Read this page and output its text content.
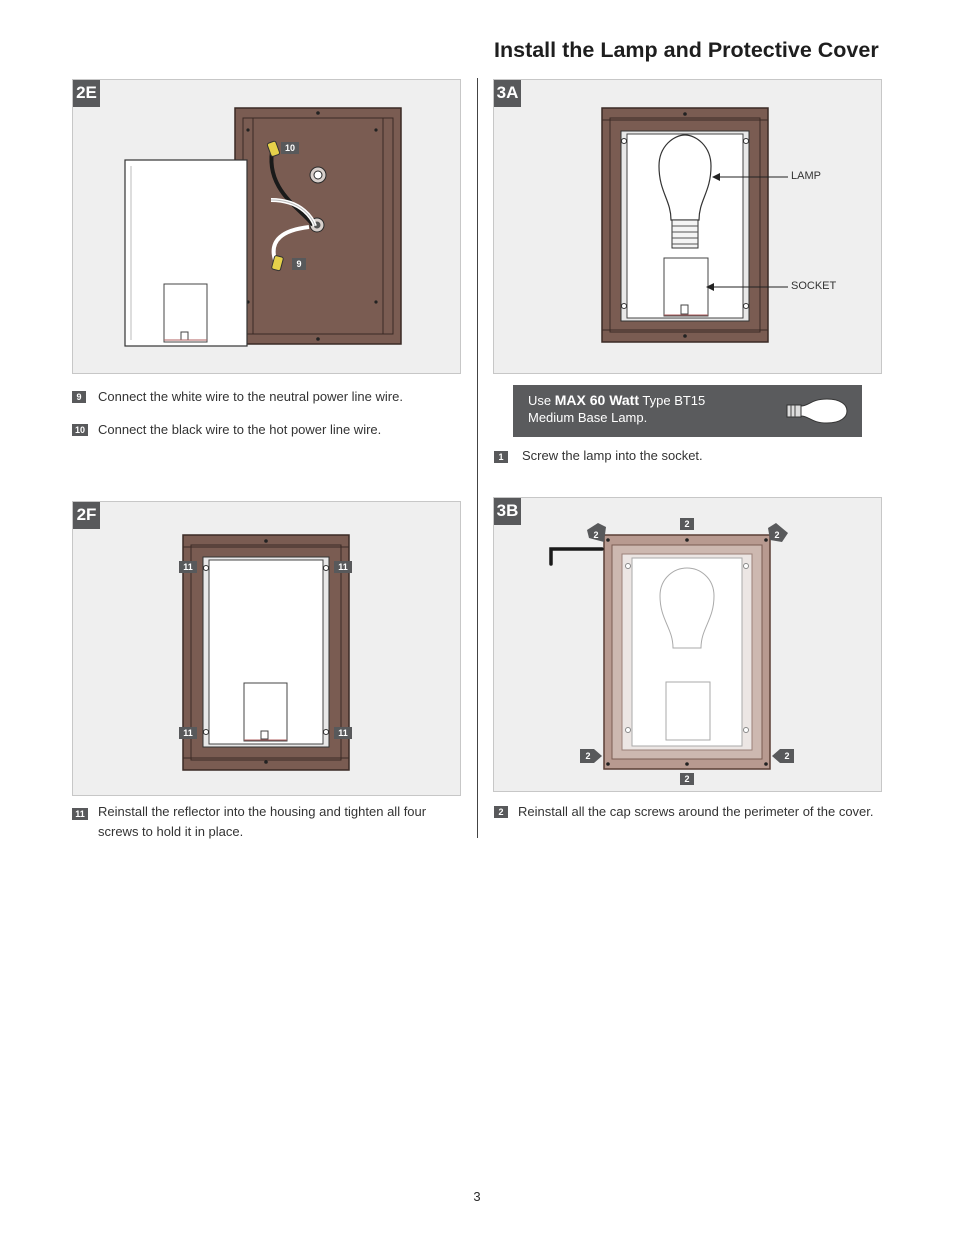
Install the Lamp and Protective Cover
2E
10
9
9	Connect the white wire to the neutral power line wire.
10 Connect the black wire to the hot power line wire.
2F
11	11
11	11
11 Reinstall the reflector into the housing and tighten all four screws to hold it in place.
3A
LAMP
SOCKET
Use MAX 60 Watt Type BT15
Medium Base Lamp.
1	Screw the lamp into the socket.
3B
2
2	2
2	2
2
2	Reinstall all the cap screws around the perimeter of the cover.
3
